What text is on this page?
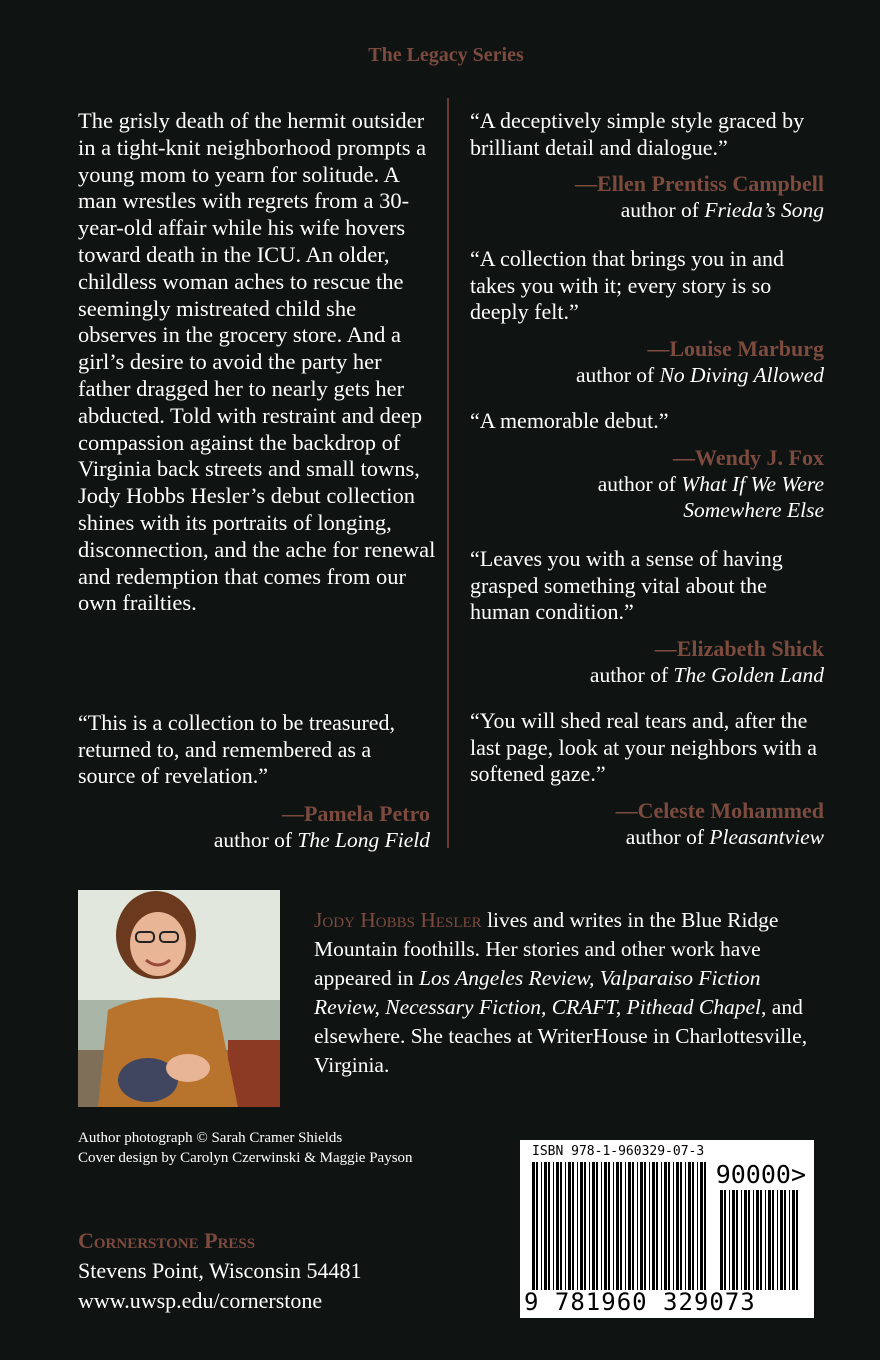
The Legacy Series
The grisly death of the hermit outsider in a tight-knit neighborhood prompts a young mom to yearn for solitude. A man wrestles with regrets from a 30-year-old affair while his wife hovers toward death in the ICU. An older, childless woman aches to rescue the seemingly mistreated child she observes in the grocery store. And a girl’s desire to avoid the party her father dragged her to nearly gets her abducted. Told with restraint and deep compassion against the backdrop of Virginia back streets and small towns, Jody Hobbs Hesler’s debut collection shines with its portraits of longing, disconnection, and the ache for renewal and redemption that comes from our own frailties.
“This is a collection to be treasured, returned to, and remembered as a source of revelation.”
—Pamela Petro
author of The Long Field
“A deceptively simple style graced by brilliant detail and dialogue.”
—Ellen Prentiss Campbell
author of Frieda’s Song
“A collection that brings you in and takes you with it; every story is so deeply felt.”
—Louise Marburg
author of No Diving Allowed
“A memorable debut.”
—Wendy J. Fox
author of What If We Were Somewhere Else
“Leaves you with a sense of having grasped something vital about the human condition.”
—Elizabeth Shick
author of The Golden Land
“You will shed real tears and, after the last page, look at your neighbors with a softened gaze.”
—Celeste Mohammed
author of Pleasantview
Jody Hobbs Hesler lives and writes in the Blue Ridge Mountain foothills. Her stories and other work have appeared in Los Angeles Review, Valparaiso Fiction Review, Necessary Fiction, CRAFT, Pithead Chapel, and elsewhere. She teaches at WriterHouse in Charlottesville, Virginia.
Author photograph © Sarah Cramer Shields
Cover design by Carolyn Czerwinski & Maggie Payson
Cornerstone Press
Stevens Point, Wisconsin 54481
www.uwsp.edu/cornerstone
ISBN 978-1-960329-07-3
90000>
9 781960 329073
